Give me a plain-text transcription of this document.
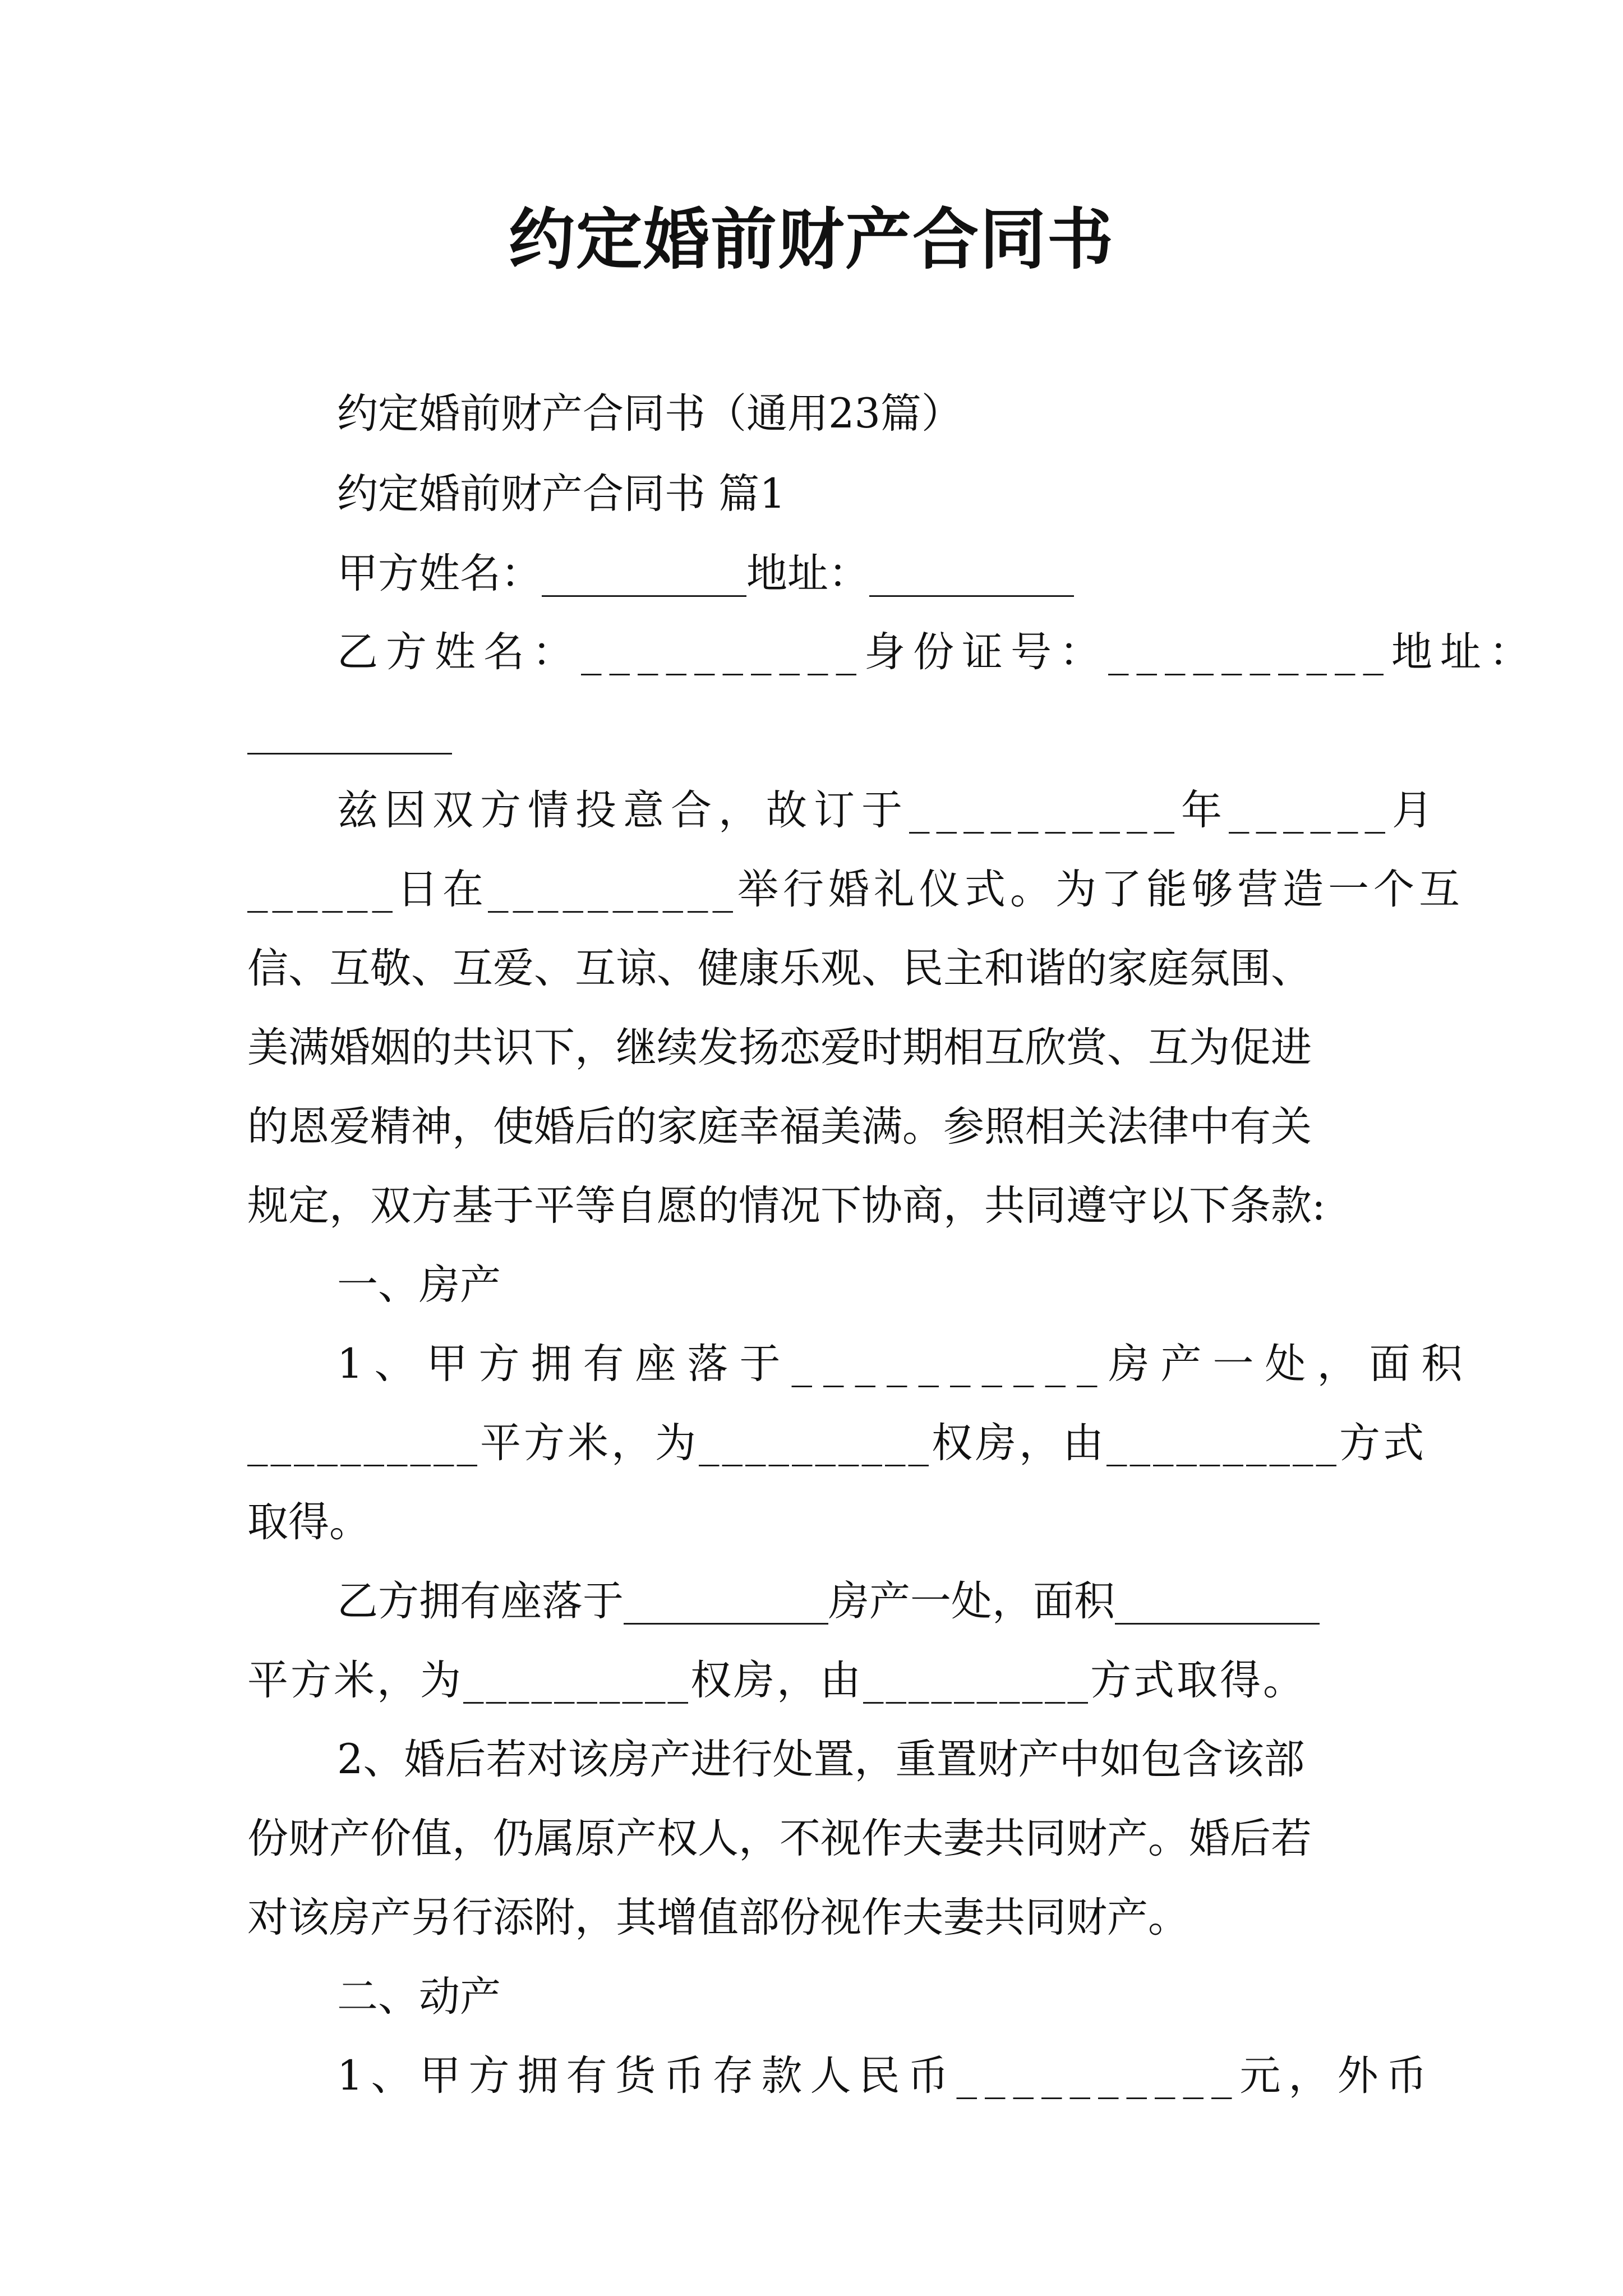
约定婚前财产合同书
约定婚前财产合同书（通用23篇）
约定婚前财产合同书 篇1
甲方姓名：__________地址：__________
乙方姓名：__________身份证号：__________地址：
__________
兹因双方情投意合，故订于__________年______月
______日在__________举行婚礼仪式。为了能够营造一个互
信、互敬、互爱、互谅、健康乐观、民主和谐的家庭氛围、
美满婚姻的共识下，继续发扬恋爱时期相互欣赏、互为促进
的恩爱精神，使婚后的家庭幸福美满。参照相关法律中有关
规定，双方基于平等自愿的情况下协商，共同遵守以下条款:
一、房产
1、甲方拥有座落于__________房产一处，面积
__________平方米，为__________权房，由__________方式
取得。
乙方拥有座落于__________房产一处，面积__________
平方米，为__________权房，由__________方式取得。
2、婚后若对该房产进行处置，重置财产中如包含该部
份财产价值，仍属原产权人，不视作夫妻共同财产。婚后若
对该房产另行添附，其增值部份视作夫妻共同财产。
二、动产
1、甲方拥有货币存款人民币__________元，外币
